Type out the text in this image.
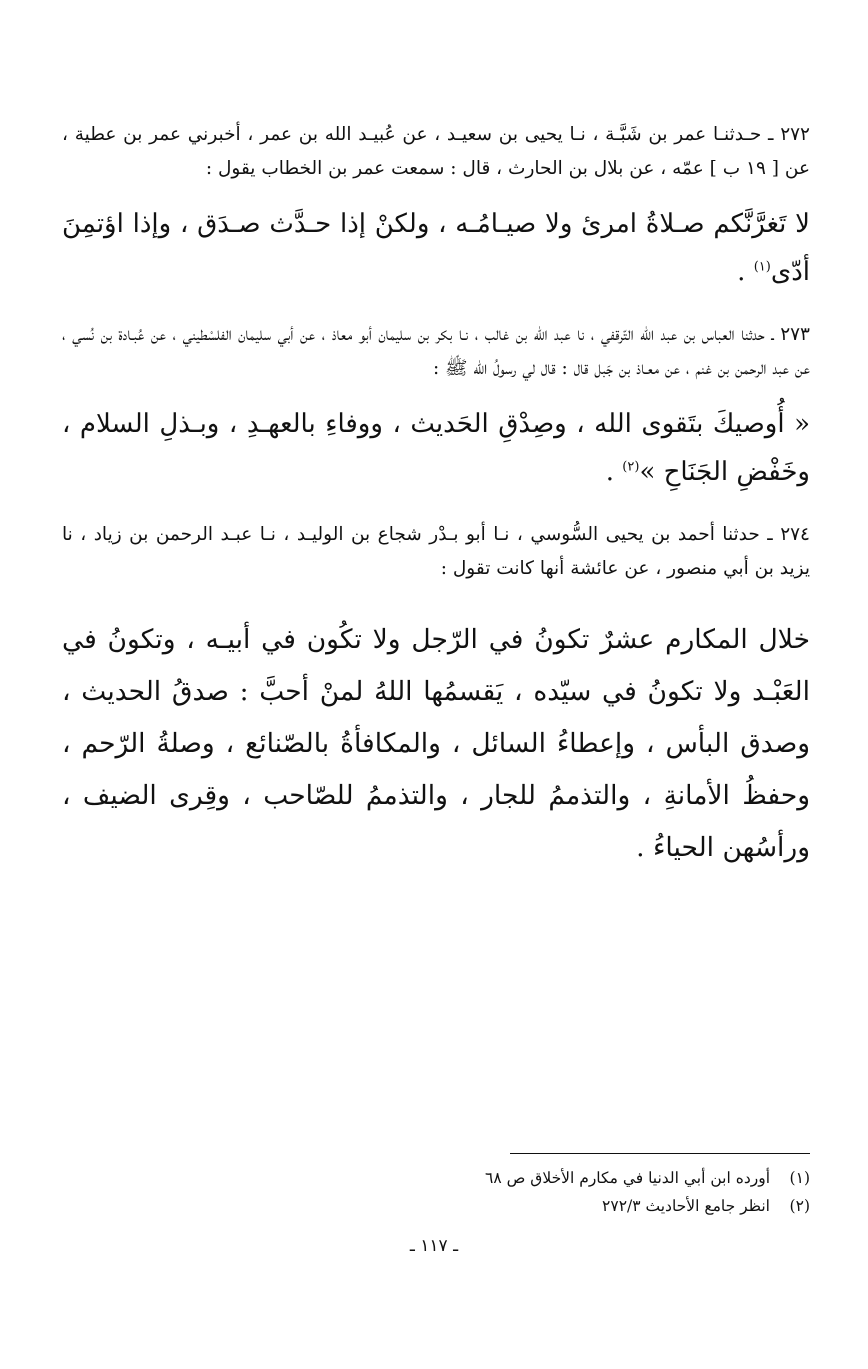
٢٧٢ ـ حـدثنـا عمر بن شَبَّـة ، نـا يحيى بن سعيـد ، عن عُبيـد الله بن عمر ، أخبرني عمر بن عطية ، عن [ ١٩ ب ] عمّه ، عن بلال بن الحارث ، قال : سمعت عمر بن الخطاب يقول :

لا تَغرَّنَّكم صـلاةُ امرئ ولا صيـامُـه ، ولكنْ إذا حـدَّث صـدَق ، وإذا اؤتمِنَ أدّى$^{(١)}$ .

٢٧٣ ـ حدثنا العباس بن عبد الله التّرقفي ، نا عبد الله بن غالب ، نـا بكر بن سليمان أبو معاذ ، عن أبي سليمان الفلسْطيني ، عن عُبـادة بن نُسي ، عن عبد الرحمن بن غنم ، عن معـاذ بن جَبل قال : قال لي رسولُ الله ﷺ :

« أُوصيكَ بتَقوى الله ، وصِدْقِ الحَديث ، ووفاءِ بالعهـدِ ، وبـذلِ السلام ، وخَفْضِ الجَنَاحِ »$^{(٢)}$ .

٢٧٤ ـ حدثنا أحمد بن يحيى السُّوسي ، نـا أبو بـدْر شجاع بن الوليـد ، نـا عبـد الرحمن بن زياد ، نا يزيد بن أبي منصور ، عن عائشة أنها كانت تقول :

خلال المكارم عشرٌ تكونُ في الرّجل ولا تكُون في أبيـه ، وتكونُ في العَبْـد ولا تكونُ في سيّده ، يَقسمُها اللهُ لمنْ أحبَّ : صدقُ الحديث ، وصدق البأس ، وإعطاءُ السائل ، والمكافأةُ بالصّنائع ، وصلةُ الرّحم ، وحفظُ الأمانةِ ، والتذممُ للجار ، والتذممُ للصّاحب ، وقِرى الضيف ، ورأسُهن الحياءُ .

(١)أورده ابن أبي الدنيا في مكارم الأخلاق ص ٦٨
(٢)انظر جامع الأحاديث ٢٧٢/٣
ـ ١١٧ ـ
